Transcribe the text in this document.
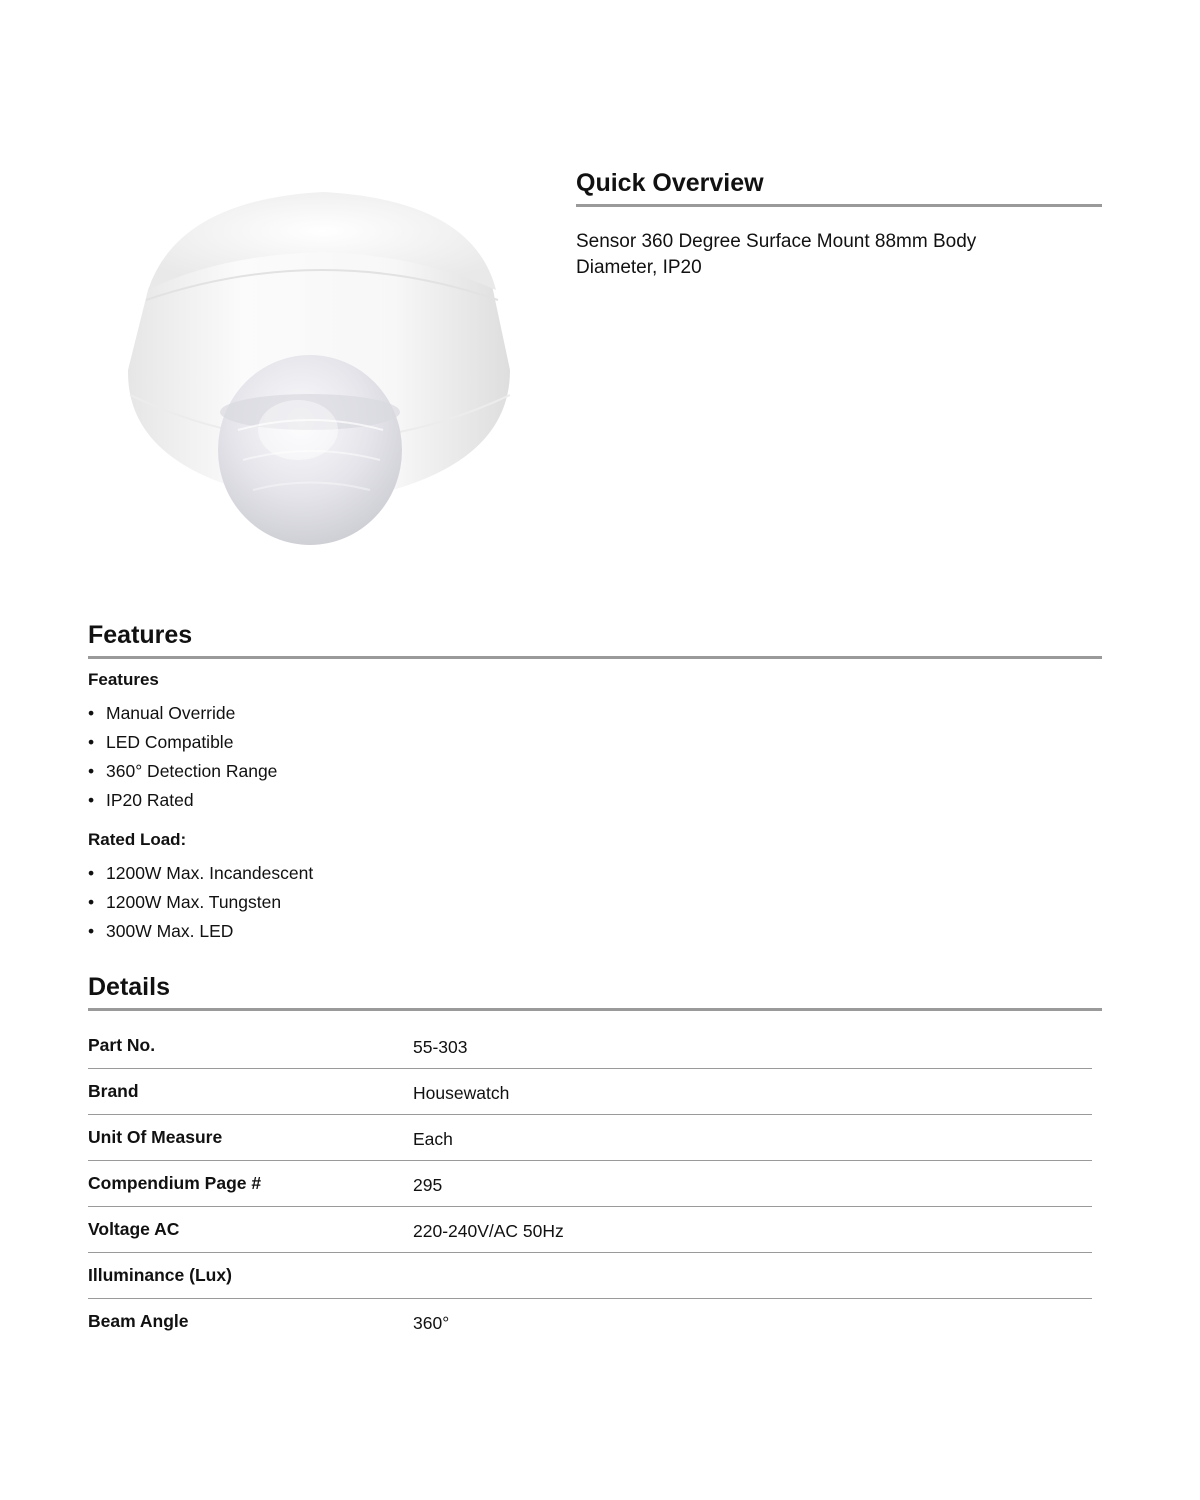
Quick Overview
Sensor 360 Degree Surface Mount 88mm Body Diameter, IP20
Features
Features
• Manual Override
• LED Compatible
• 360° Detection Range
• IP20 Rated
Rated Load:
• 1200W Max. Incandescent
• 1200W Max. Tungsten
• 300W Max. LED
Details
Part No.	55-303
Brand	Housewatch
Unit Of Measure	Each
Compendium Page #	295
Voltage AC	220-240V/AC 50Hz
Illuminance (Lux)	
Beam Angle	360°
